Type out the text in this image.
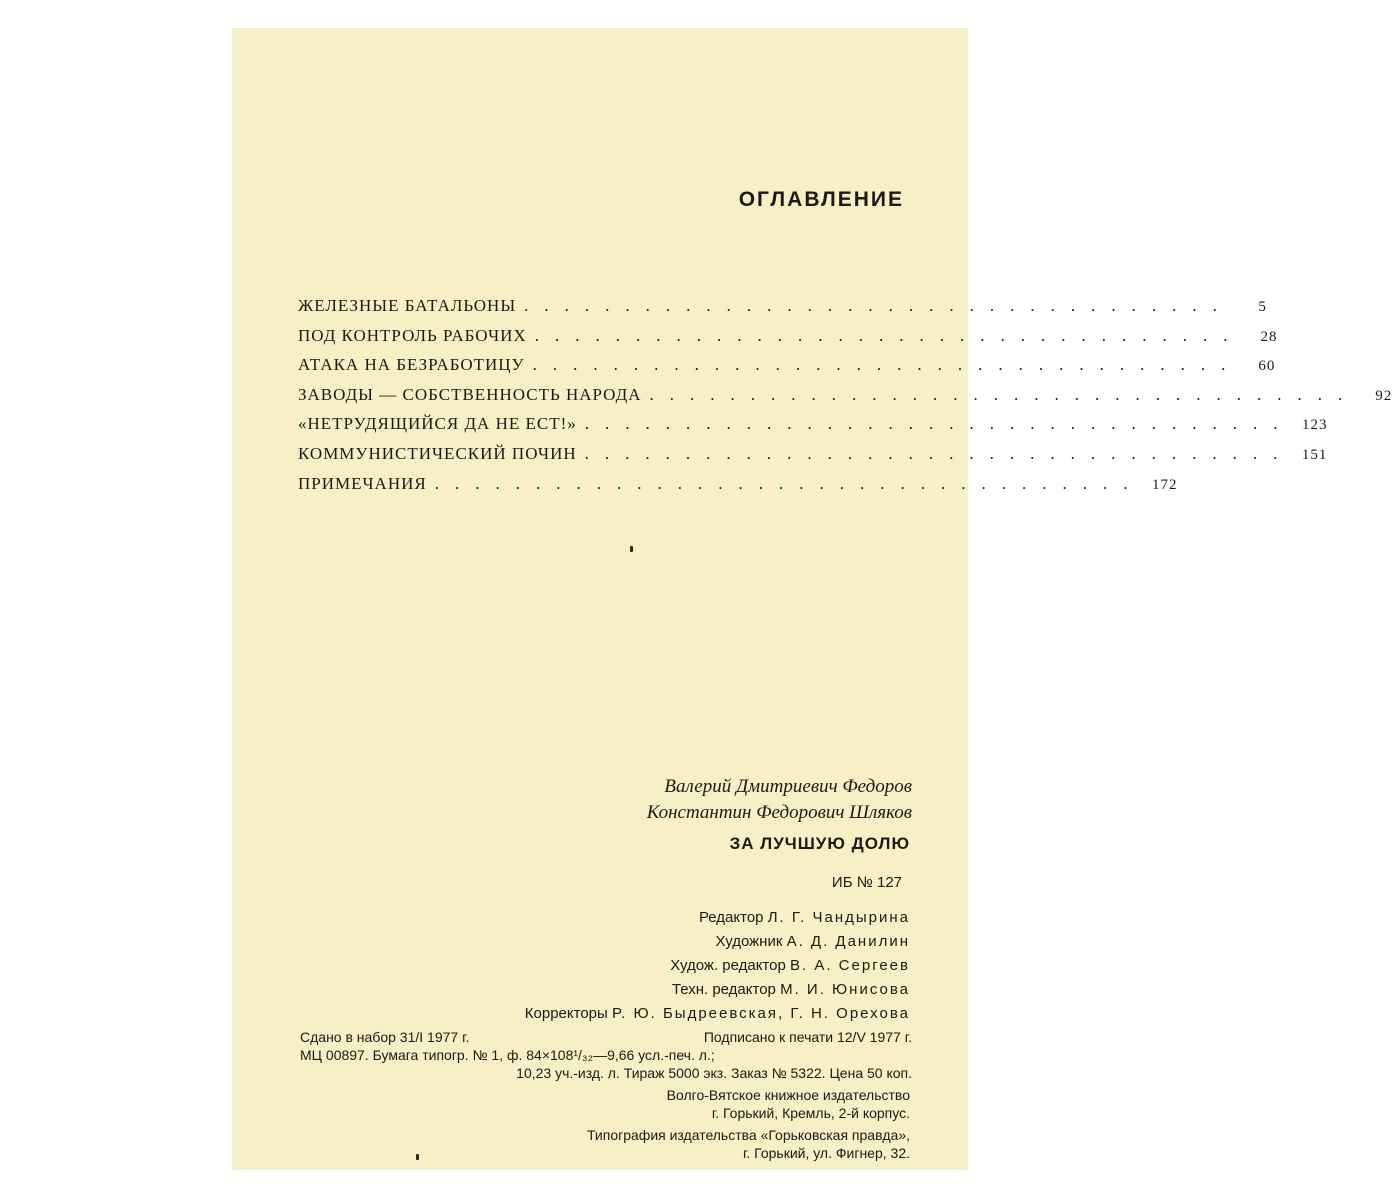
ОГЛАВЛЕНИЕ
ЖЕЛЕЗНЫЕ БАТАЛЬОНЫ ...................................	5
ПОД КОНТРОЛЬ РАБОЧИХ ...................................	28
АТАКА НА БЕЗРАБОТИЦУ ...................................	60
ЗАВОДЫ — СОБСТВЕННОСТЬ НАРОДА ...................................	92
«НЕТРУДЯЩИЙСЯ ДА НЕ ЕСТ!» ................................... 123
КОММУНИСТИЧЕСКИЙ ПОЧИН ................................... 151
ПРИМЕЧАНИЯ ................................... 172
Валерий Дмитриевич Федоров
Константин Федорович Шляков
ЗА ЛУЧШУЮ ДОЛЮ
ИБ № 127
Редактор Л. Г. Чандырина
Художник А. Д. Данилин
Худож. редактор В. А. Сергеев
Техн. редактор М. И. Юнисова
Корректоры Р. Ю. Быдреевская, Г. Н. Орехова
Сдано в набор 31/I 1977 г.	Подписано к печати 12/V 1977 г.
МЦ 00897. Бумага типогр. № 1, ф. 84×108¹/₃₂—9,66 усл.-печ. л.;
10,23 уч.-изд. л. Тираж 5000 экз. Заказ № 5322. Цена 50 коп.
Волго-Вятское книжное издательство
г. Горький, Кремль, 2-й корпус.
Типография издательства «Горьковская правда»,
г. Горький, ул. Фигнер, 32.
